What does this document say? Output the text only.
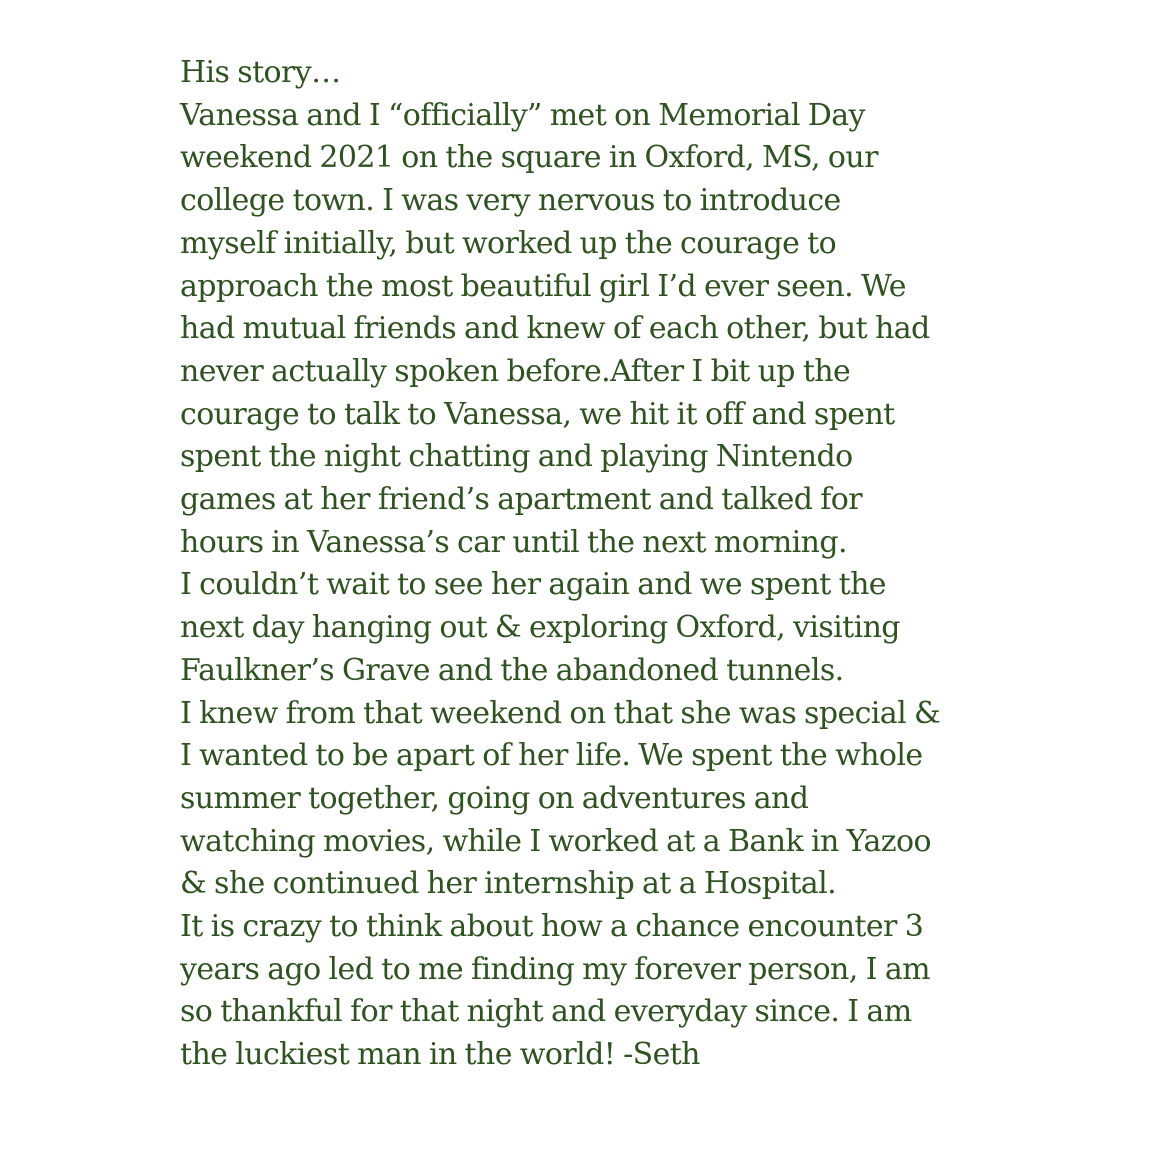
His story…
Vanessa and I “officially” met on Memorial Day
weekend 2021 on the square in Oxford, MS, our
college town. I was very nervous to introduce
myself initially, but worked up the courage to
approach the most beautiful girl I’d ever seen. We
had mutual friends and knew of each other, but had
never actually spoken before.After I bit up the
courage to talk to Vanessa, we hit it off and spent
spent the night chatting and playing Nintendo
games at her friend’s apartment and talked for
hours in Vanessa’s car until the next morning.
I couldn’t wait to see her again and we spent the
next day hanging out & exploring Oxford, visiting
Faulkner’s Grave and the abandoned tunnels.
I knew from that weekend on that she was special &
I wanted to be apart of her life. We spent the whole
summer together, going on adventures and
watching movies, while I worked at a Bank in Yazoo
& she continued her internship at a Hospital.
It is crazy to think about how a chance encounter 3
years ago led to me finding my forever person, I am
so thankful for that night and everyday since. I am
the luckiest man in the world! -Seth
